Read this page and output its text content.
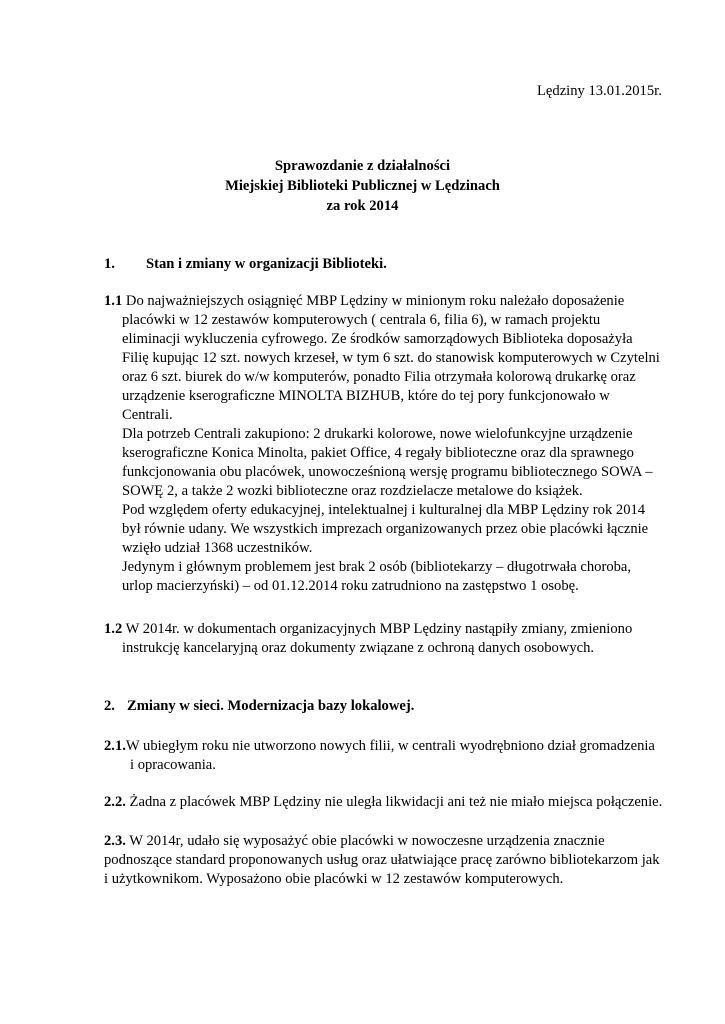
Lędziny 13.01.2015r.
Sprawozdanie z działalności
Miejskiej Biblioteki Publicznej w Lędzinach
za rok 2014
1. Stan i zmiany w organizacji Biblioteki.
1.1 Do najważniejszych osiągnięć MBP Lędziny w minionym roku należało doposażenie
placówki w 12 zestawów komputerowych ( centrala 6, filia 6), w ramach projektu
eliminacji wykluczenia cyfrowego. Ze środków samorządowych Biblioteka doposażyła
Filię kupując 12 szt. nowych krzeseł, w tym 6 szt. do stanowisk komputerowych w Czytelni
oraz 6 szt. biurek do w/w komputerów, ponadto Filia otrzymała kolorową drukarkę oraz
urządzenie kserograficzne MINOLTA BIZHUB, które do tej pory funkcjonowało w
Centrali.
Dla potrzeb Centrali zakupiono: 2 drukarki kolorowe, nowe wielofunkcyjne urządzenie
kserograficzne Konica Minolta, pakiet Office, 4 regały biblioteczne oraz dla sprawnego
funkcjonowania obu placówek, unowocześnioną wersję programu bibliotecznego SOWA –
SOWĘ 2, a także 2 wozki biblioteczne oraz rozdzielacze metalowe do książek.
Pod względem oferty edukacyjnej, intelektualnej i kulturalnej dla MBP Lędziny rok 2014
był równie udany. We wszystkich imprezach organizowanych przez obie placówki łącznie
wzięło udział 1368 uczestników.
Jedynym i głównym problemem jest brak 2 osób (bibliotekarzy – długotrwała choroba,
urlop macierzyński) – od 01.12.2014 roku zatrudniono na zastępstwo 1 osobę.
1.2 W 2014r. w dokumentach organizacyjnych MBP Lędziny nastąpiły zmiany, zmieniono
instrukcję kancelaryjną oraz dokumenty związane z ochroną danych osobowych.
2. Zmiany w sieci. Modernizacja bazy lokalowej.
2.1.W ubiegłym roku nie utworzono nowych filii, w centrali wyodrębniono dział gromadzenia
i opracowania.
2.2. Żadna z placówek MBP Lędziny nie uległa likwidacji ani też nie miało miejsca połączenie.
2.3. W 2014r, udało się wyposażyć obie placówki w nowoczesne urządzenia znacznie
podnoszące standard proponowanych usług oraz ułatwiające pracę zarówno bibliotekarzom jak
i użytkownikom. Wyposażono obie placówki w 12 zestawów komputerowych.
